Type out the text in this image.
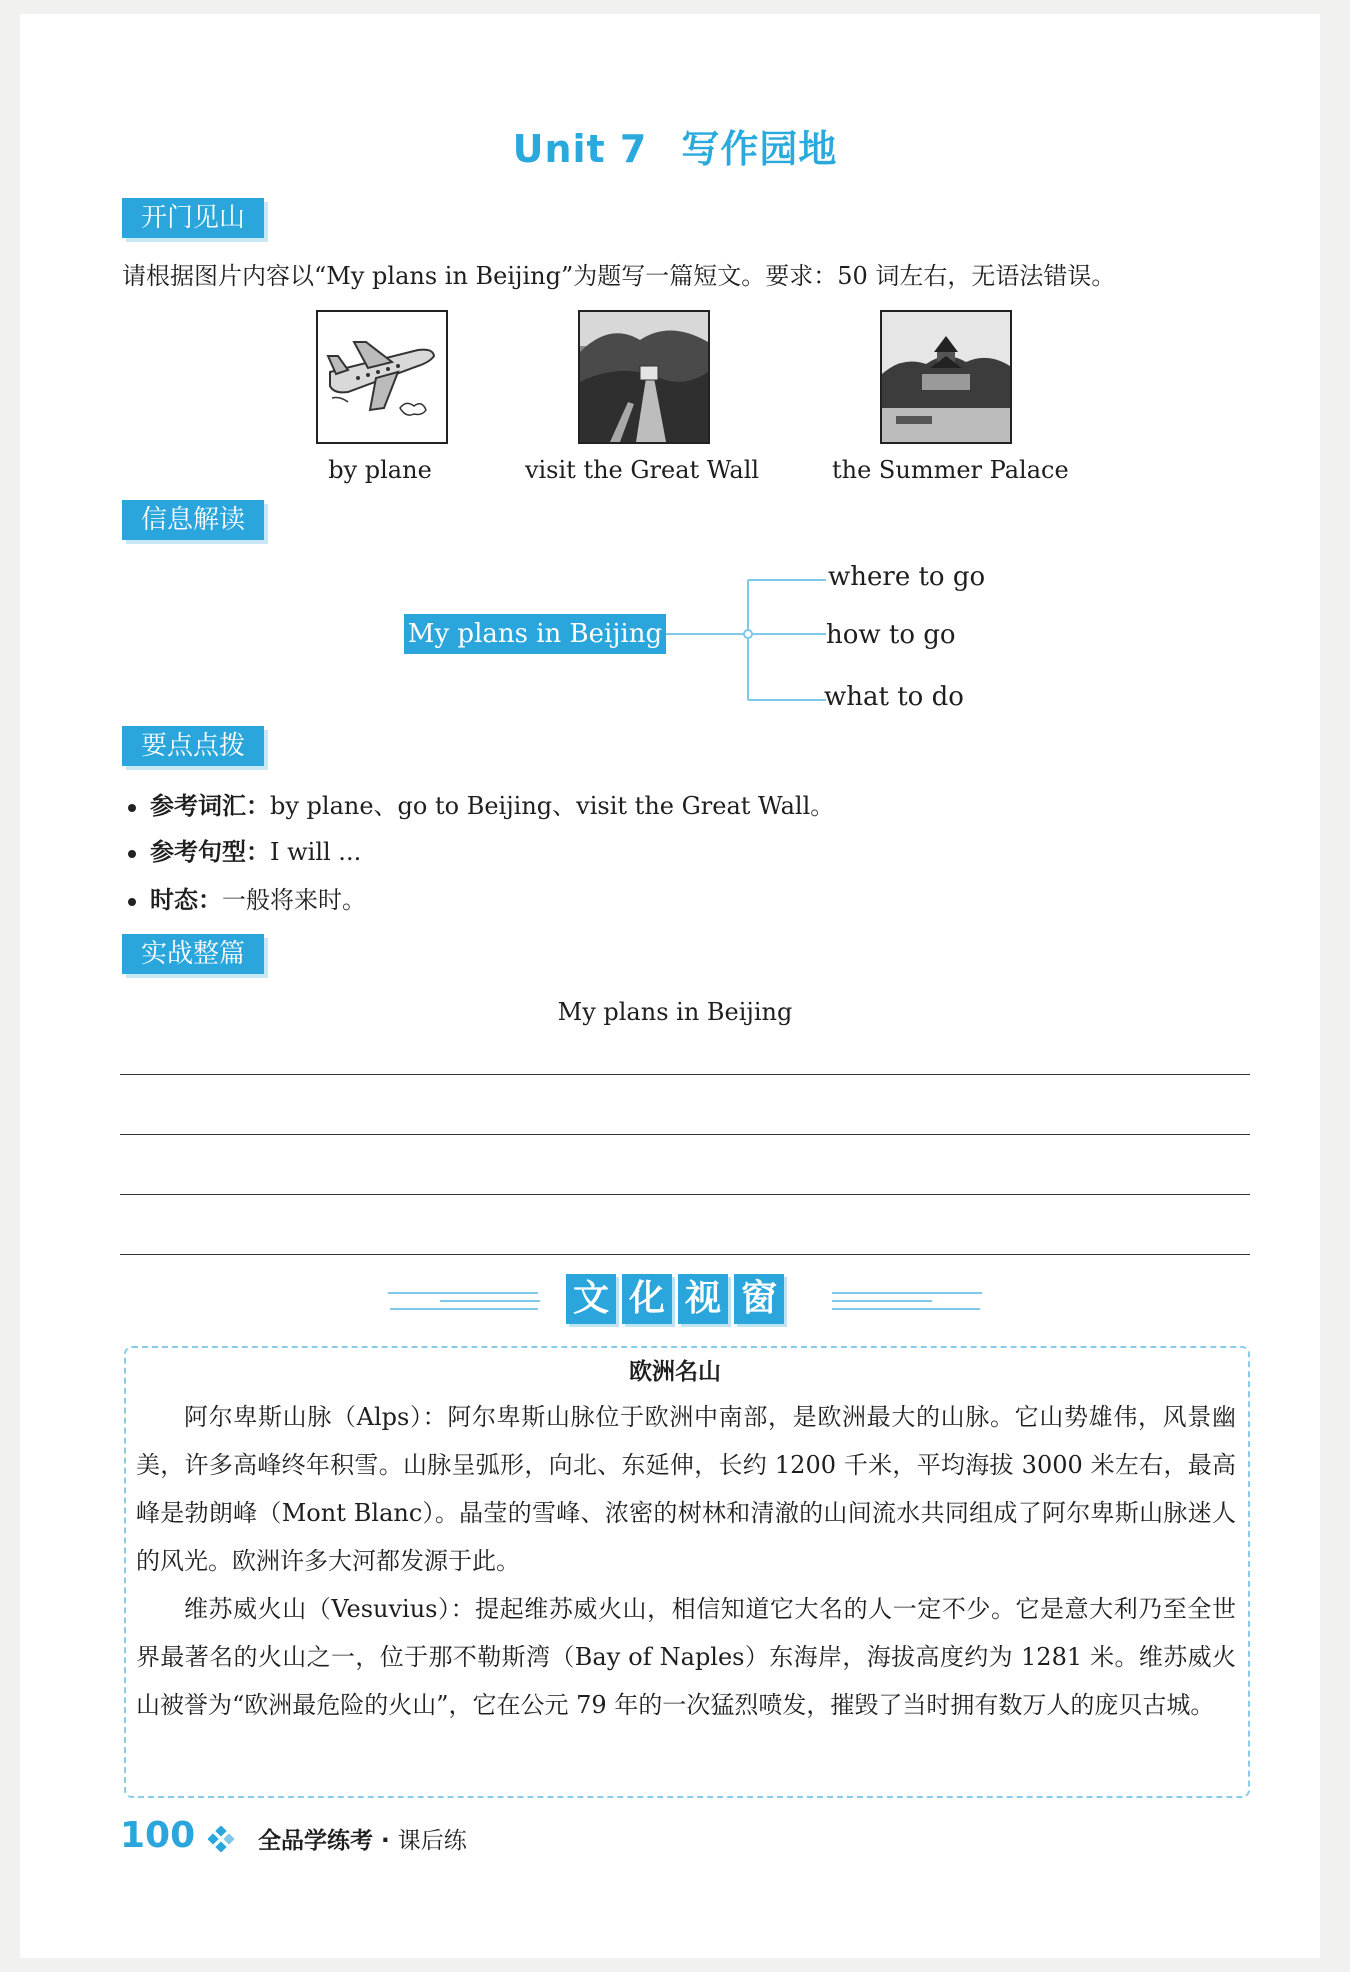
Unit 7 写作园地
开门见山
请根据图片内容以“My plans in Beijing”为题写一篇短文。要求：50 词左右，无语法错误。
by plane	visit the Great Wall	the Summer Palace
信息解读
My plans in Beijing
where to go
how to go
what to do
要点点拨
参考词汇：by plane、go to Beijing、visit the Great Wall。
参考句型：I will ...
时态：一般将来时。
实战整篇
My plans in Beijing
文 化 视 窗
欧洲名山
阿尔卑斯山脉（Alps）：阿尔卑斯山脉位于欧洲中南部，是欧洲最大的山脉。它山势雄伟，风景幽美，许多高峰终年积雪。山脉呈弧形，向北、东延伸，长约 1200 千米，平均海拔 3000 米左右，最高峰是勃朗峰（Mont Blanc）。晶莹的雪峰、浓密的树林和清澈的山间流水共同组成了阿尔卑斯山脉迷人的风光。欧洲许多大河都发源于此。
维苏威火山（Vesuvius）：提起维苏威火山，相信知道它大名的人一定不少。它是意大利乃至全世界最著名的火山之一，位于那不勒斯湾（Bay of Naples）东海岸，海拔高度约为 1281 米。维苏威火山被誉为“欧洲最危险的火山”，它在公元 79 年的一次猛烈喷发，摧毁了当时拥有数万人的庞贝古城。
100	全品学练考 · 课后练
